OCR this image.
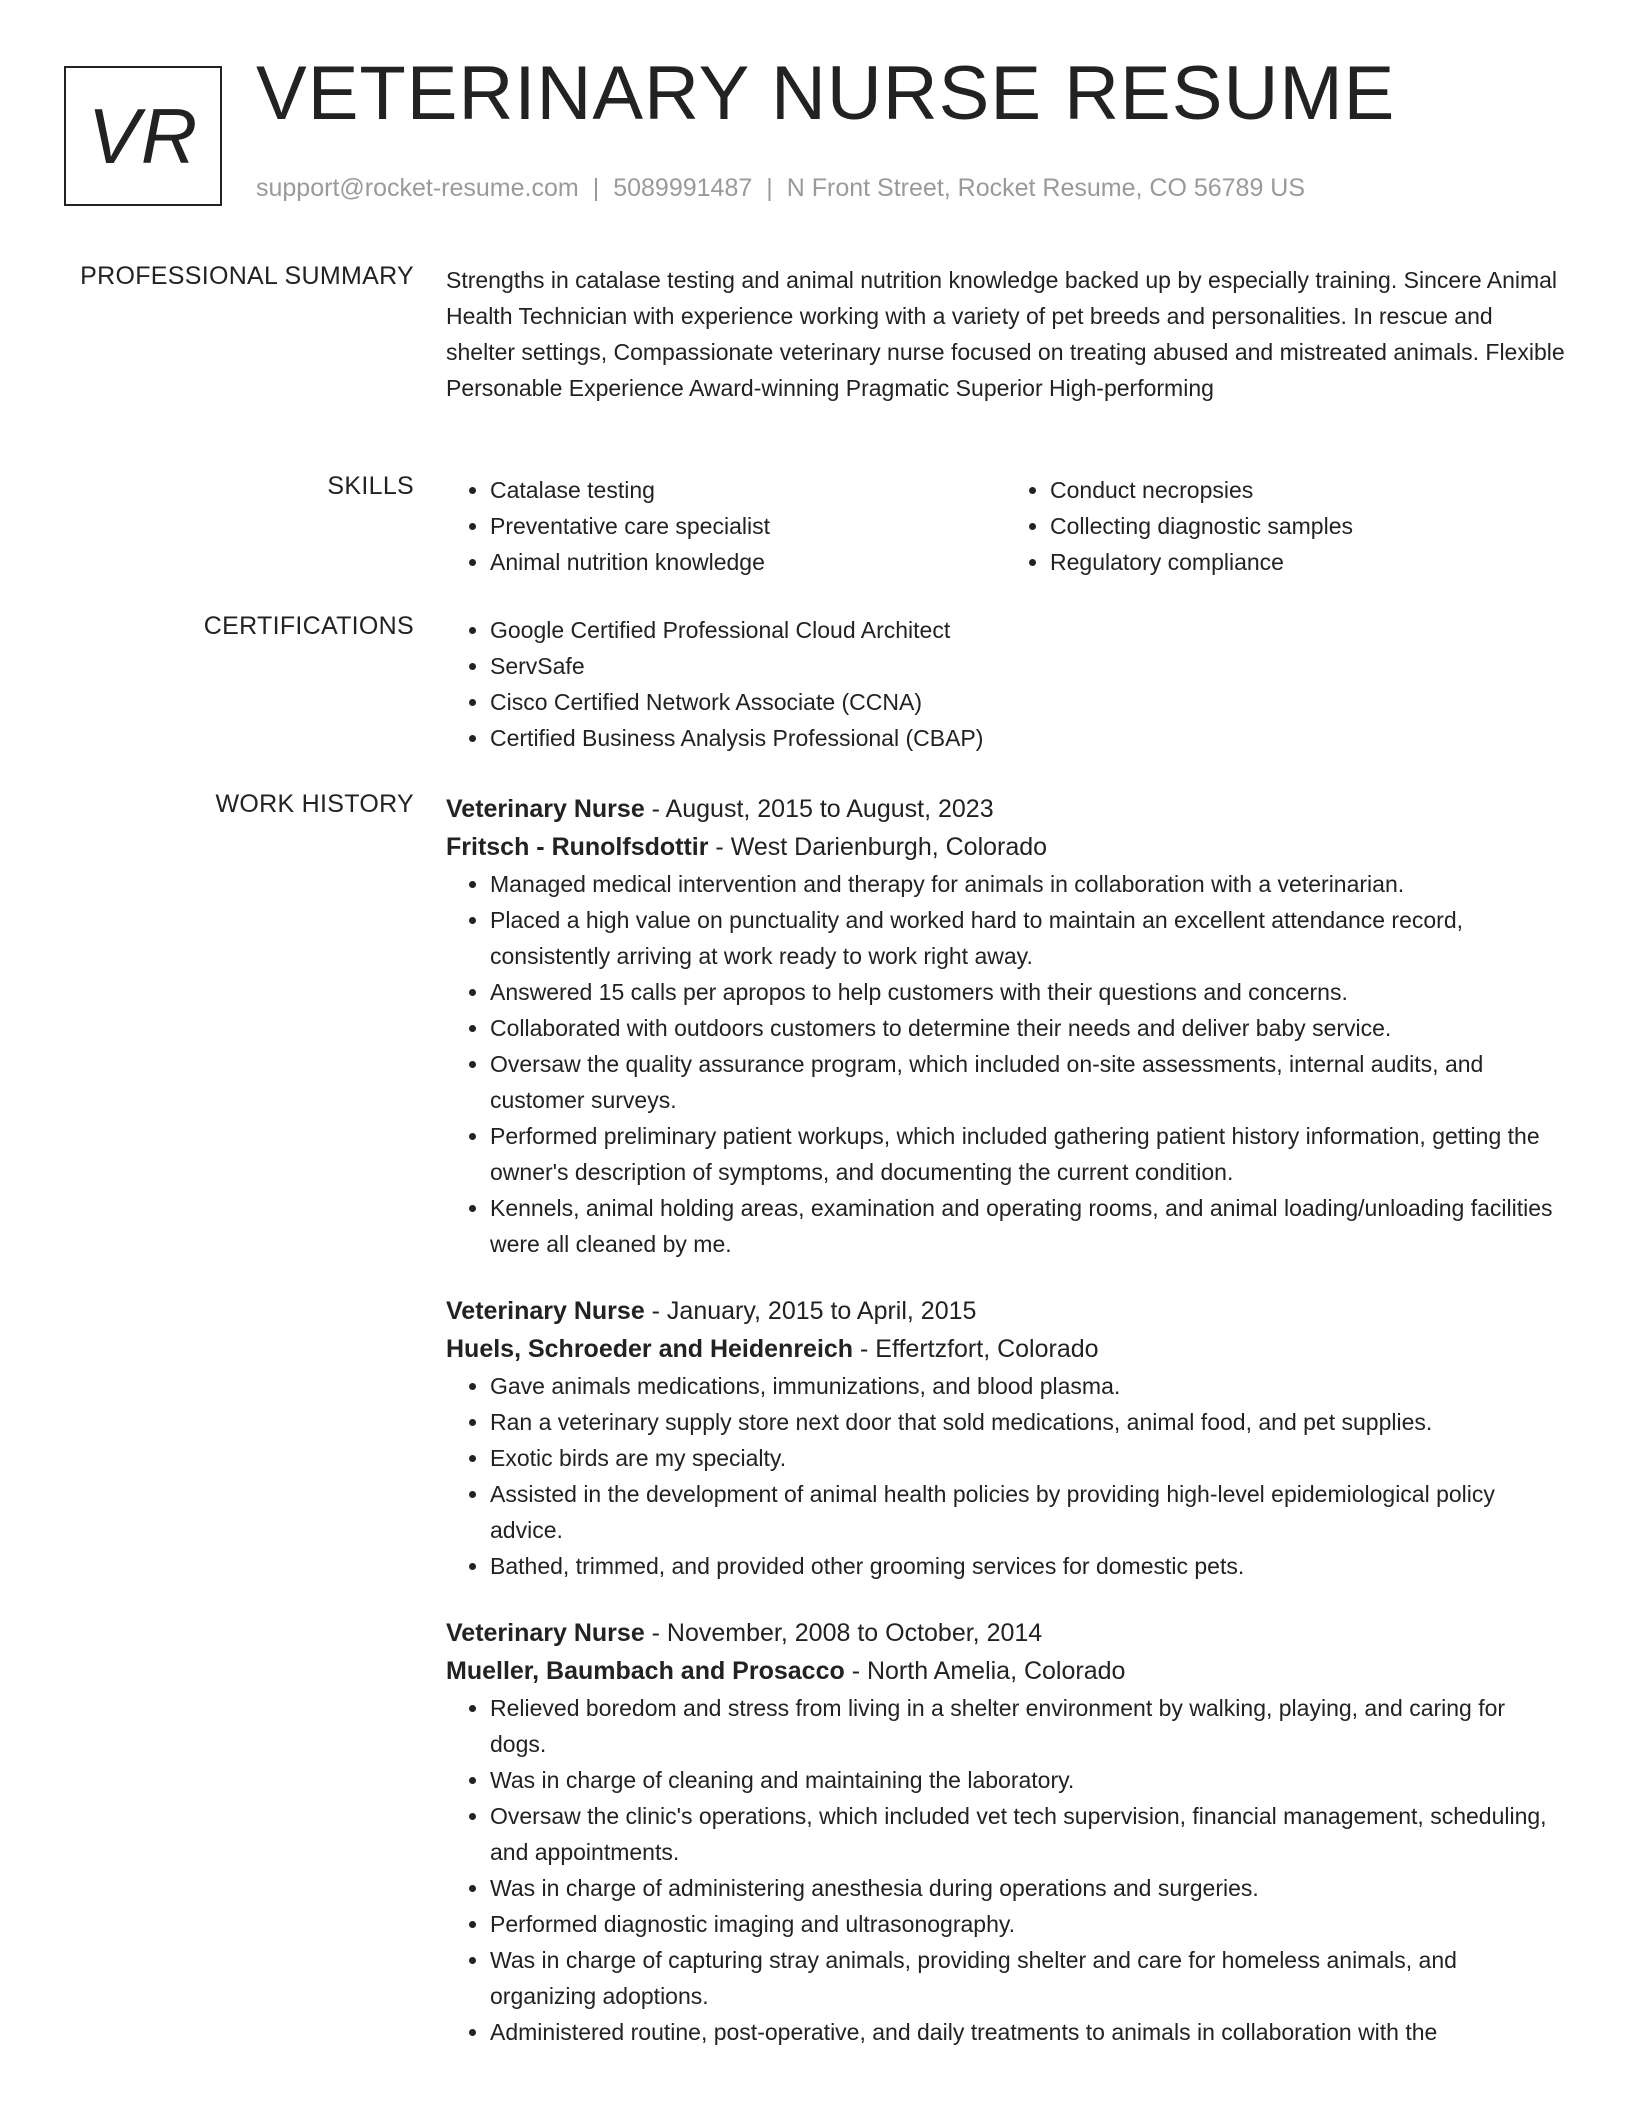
VR VETERINARY NURSE RESUME
support@rocket-resume.com | 5089991487 | N Front Street, Rocket Resume, CO 56789 US
PROFESSIONAL SUMMARY Strengths in catalase testing and animal nutrition knowledge backed up by especially training. Sincere Animal Health Technician with experience working with a variety of pet breeds and personalities. In rescue and shelter settings, Compassionate veterinary nurse focused on treating abused and mistreated animals. Flexible Personable Experience Award-winning Pragmatic Superior High-performing

SKILLS	• Catalase testing
• Preventative care specialist
• Animal nutrition knowledge
• Conduct necropsies
• Collecting diagnostic samples
• Regulatory compliance
CERTIFICATIONS	• Google Certified Professional Cloud Architect
• ServSafe
• Cisco Certified Network Associate (CCNA)
• Certified Business Analysis Professional (CBAP)
WORK HISTORY Veterinary Nurse - August, 2015 to August, 2023
Fritsch - Runolfsdottir - West Darienburgh, Colorado
• Managed medical intervention and therapy for animals in collaboration with a veterinarian.
• Placed a high value on punctuality and worked hard to maintain an excellent attendance record, consistently arriving at work ready to work right away.
• Answered 15 calls per apropos to help customers with their questions and concerns.
• Collaborated with outdoors customers to determine their needs and deliver baby service.
• Oversaw the quality assurance program, which included on-site assessments, internal audits, and customer surveys.
• Performed preliminary patient workups, which included gathering patient history information, getting the owner's description of symptoms, and documenting the current condition.
• Kennels, animal holding areas, examination and operating rooms, and animal loading/unloading facilities were all cleaned by me.
Veterinary Nurse - January, 2015 to April, 2015
Huels, Schroeder and Heidenreich - Effertzfort, Colorado
• Gave animals medications, immunizations, and blood plasma.
• Ran a veterinary supply store next door that sold medications, animal food, and pet supplies.
• Exotic birds are my specialty.
• Assisted in the development of animal health policies by providing high-level epidemiological policy advice.
• Bathed, trimmed, and provided other grooming services for domestic pets.
Veterinary Nurse - November, 2008 to October, 2014
Mueller, Baumbach and Prosacco - North Amelia, Colorado
• Relieved boredom and stress from living in a shelter environment by walking, playing, and caring for dogs.
• Was in charge of cleaning and maintaining the laboratory.
• Oversaw the clinic's operations, which included vet tech supervision, financial management, scheduling, and appointments.
• Was in charge of administering anesthesia during operations and surgeries.
• Performed diagnostic imaging and ultrasonography.
• Was in charge of capturing stray animals, providing shelter and care for homeless animals, and organizing adoptions.
• Administered routine, post-operative, and daily treatments to animals in collaboration with the
